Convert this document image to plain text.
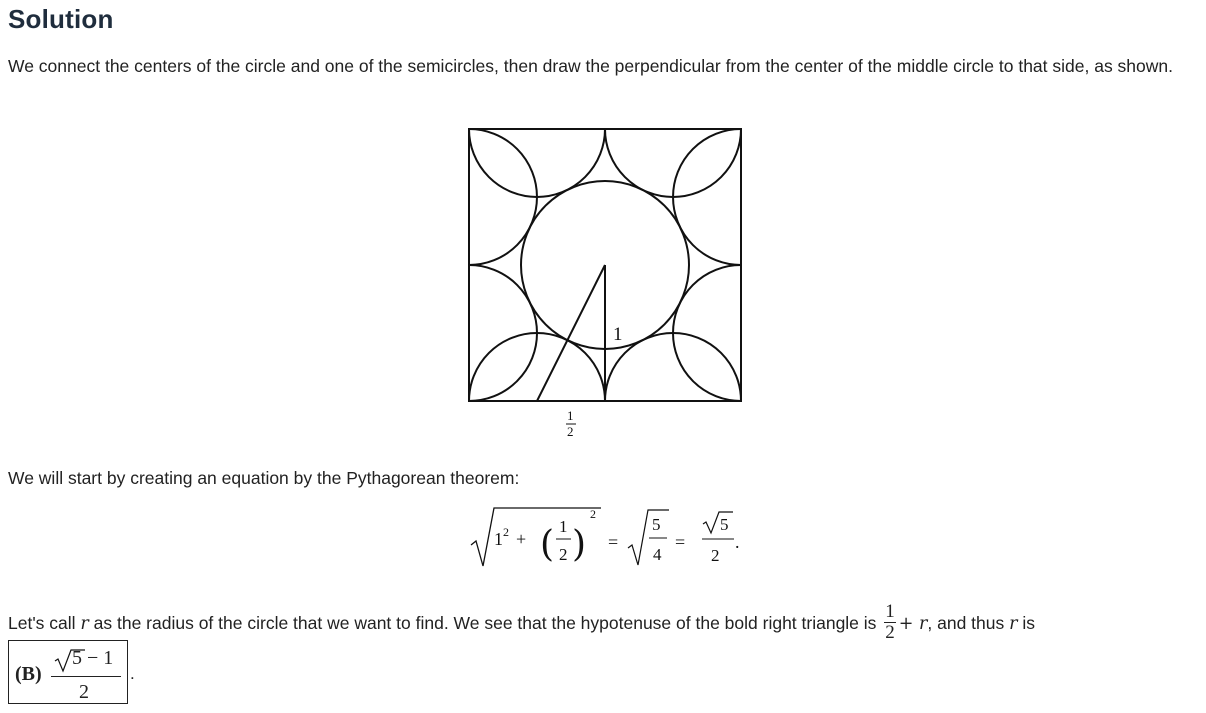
Solution

We connect the centers of the circle and one of the semicircles, then draw the perpendicular from the center of the middle circle to that side, as shown.

1
1
2

We will start by creating an equation by the Pythagorean theorem:

1 2 + ( 1
2 )
2
=
5
4
=
5
2
.

Let's call r as the radius of the circle that we want to find. We see that the hypotenuse of the bold right triangle is $\frac{1}{2} + r$, and thus r is

(B)
5 − 1
2
.
